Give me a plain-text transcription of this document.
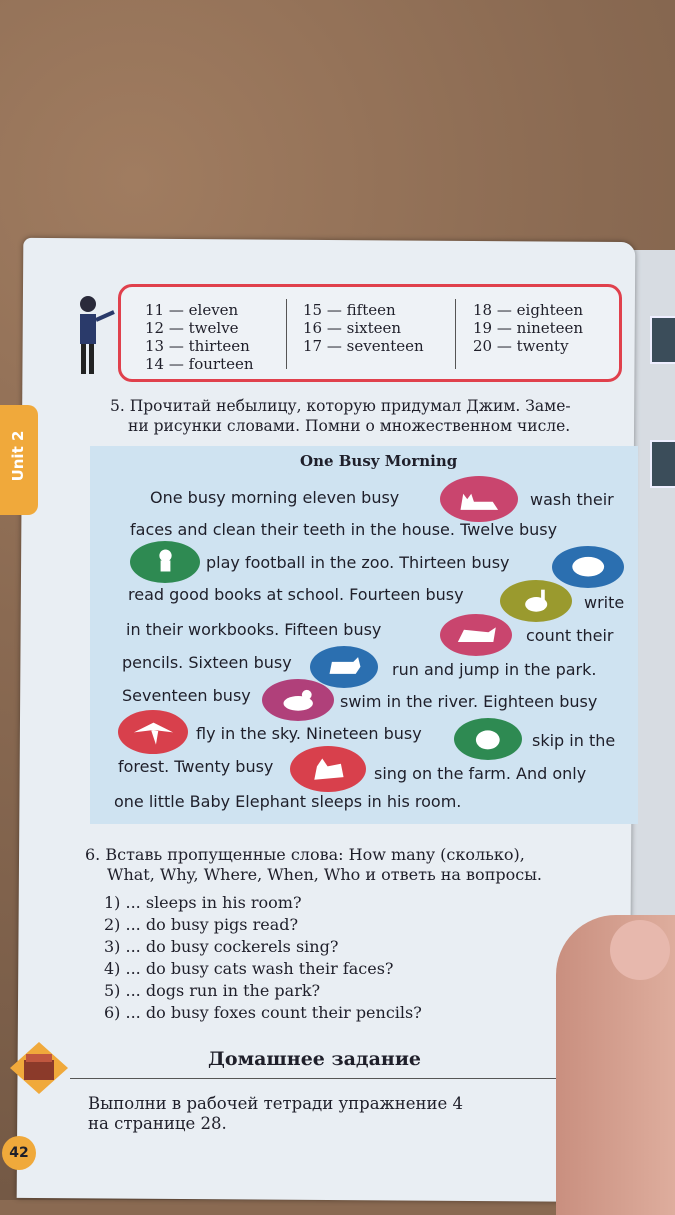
Unit 2
11 — eleven
12 — twelve
13 — thirteen
14 — fourteen
15 — fifteen
16 — sixteen
17 — seventeen
18 — eighteen
19 — nineteen
20 — twenty
5. Прочитай небылицу, которую придумал Джим. Заме-
ни рисунки словами. Помни о множественном числе.
One Busy Morning
One busy morning eleven busy	wash their
faces and clean their teeth in the house. Twelve busy
play football in the zoo. Thirteen busy
read good books at school. Fourteen busy	write
in their workbooks. Fifteen busy	count their
pencils. Sixteen busy	run and jump in the park.
Seventeen busy	swim in the river. Eighteen busy
fly in the sky. Nineteen busy	skip in the
forest. Twenty busy	sing on the farm. And only
one little Baby Elephant sleeps in his room.
6. Вставь пропущенные слова: How many (сколько),
What, Why, Where, When, Who и ответь на вопросы.
1) ... sleeps in his room?
2) ... do busy pigs read?
3) ... do busy cockerels sing?
4) ... do busy cats wash their faces?
5) ... dogs run in the park?
6) ... do busy foxes count their pencils?
Домашнее задание
Выполни в рабочей тетради упражнение 4
на странице 28.
42
